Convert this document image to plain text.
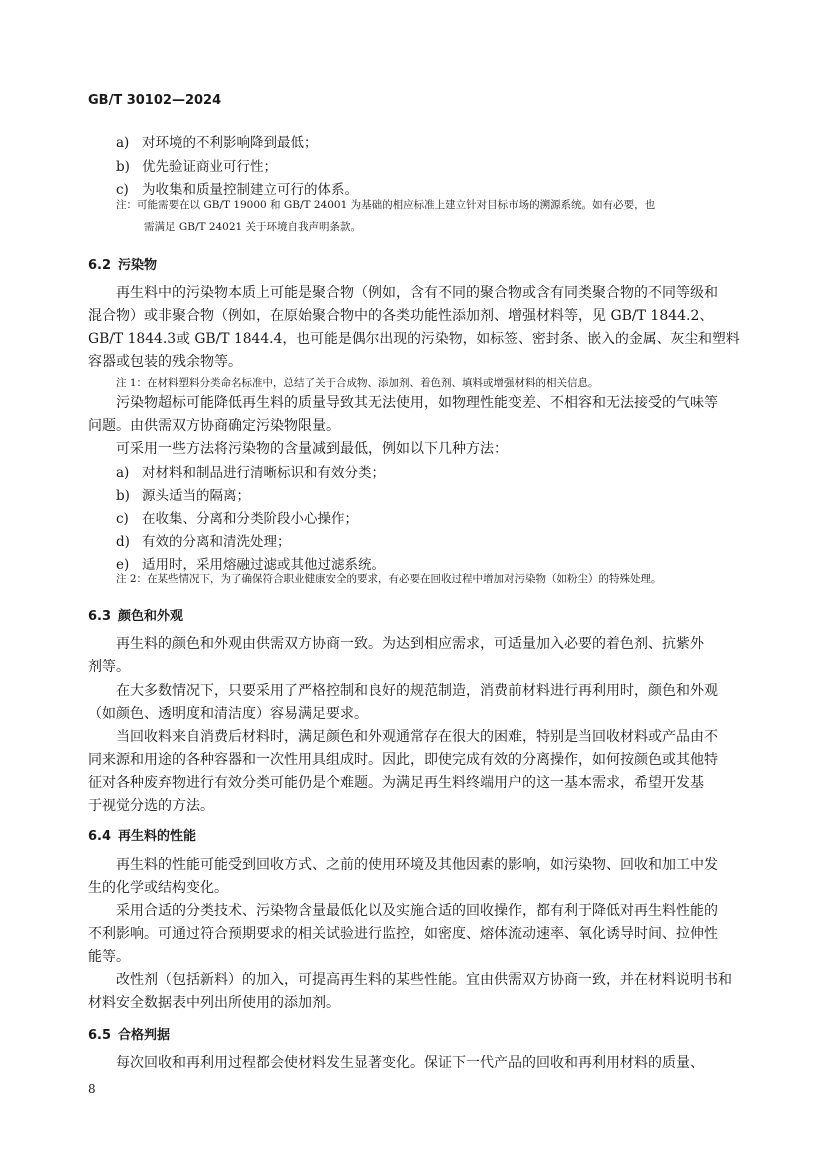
GB/T 30102—2024
a) 对环境的不利影响降到最低；
b) 优先验证商业可行性；
c) 为收集和质量控制建立可行的体系。
注：可能需要在以 GB/T 19000 和 GB/T 24001 为基础的相应标准上建立针对目标市场的溯源系统。如有必要，也
需满足 GB/T 24021 关于环境自我声明条款。
6.2 污染物
再生料中的污染物本质上可能是聚合物（例如，含有不同的聚合物或含有同类聚合物的不同等级和
混合物）或非聚合物（例如，在原始聚合物中的各类功能性添加剂、增强材料等，见 GB/T 1844.2、
GB/T 1844.3或 GB/T 1844.4，也可能是偶尔出现的污染物，如标签、密封条、嵌入的金属、灰尘和塑料
容器或包装的残余物等。
注 1：在材料塑料分类命名标准中，总结了关于合成物、添加剂、着色剂、填料或增强材料的相关信息。
污染物超标可能降低再生料的质量导致其无法使用，如物理性能变差、不相容和无法接受的气味等
问题。由供需双方协商确定污染物限量。
可采用一些方法将污染物的含量减到最低，例如以下几种方法：
a) 对材料和制品进行清晰标识和有效分类；
b) 源头适当的隔离；
c) 在收集、分离和分类阶段小心操作；
d) 有效的分离和清洗处理；
e) 适用时，采用熔融过滤或其他过滤系统。
注 2：在某些情况下，为了确保符合职业健康安全的要求，有必要在回收过程中增加对污染物（如粉尘）的特殊处理。
6.3 颜色和外观
再生料的颜色和外观由供需双方协商一致。为达到相应需求，可适量加入必要的着色剂、抗紫外
剂等。
在大多数情况下，只要采用了严格控制和良好的规范制造，消费前材料进行再利用时，颜色和外观
（如颜色、透明度和清洁度）容易满足要求。
当回收料来自消费后材料时，满足颜色和外观通常存在很大的困难，特别是当回收材料或产品由不
同来源和用途的各种容器和一次性用具组成时。因此，即使完成有效的分离操作，如何按颜色或其他特
征对各种废弃物进行有效分类可能仍是个难题。为满足再生料终端用户的这一基本需求，希望开发基
于视觉分选的方法。
6.4 再生料的性能
再生料的性能可能受到回收方式、之前的使用环境及其他因素的影响，如污染物、回收和加工中发
生的化学或结构变化。
采用合适的分类技术、污染物含量最低化以及实施合适的回收操作，都有利于降低对再生料性能的
不利影响。可通过符合预期要求的相关试验进行监控，如密度、熔体流动速率、氧化诱导时间、拉伸性
能等。
改性剂（包括新料）的加入，可提高再生料的某些性能。宜由供需双方协商一致，并在材料说明书和
材料安全数据表中列出所使用的添加剂。
6.5 合格判据
每次回收和再利用过程都会使材料发生显著变化。保证下一代产品的回收和再利用材料的质量、
8
